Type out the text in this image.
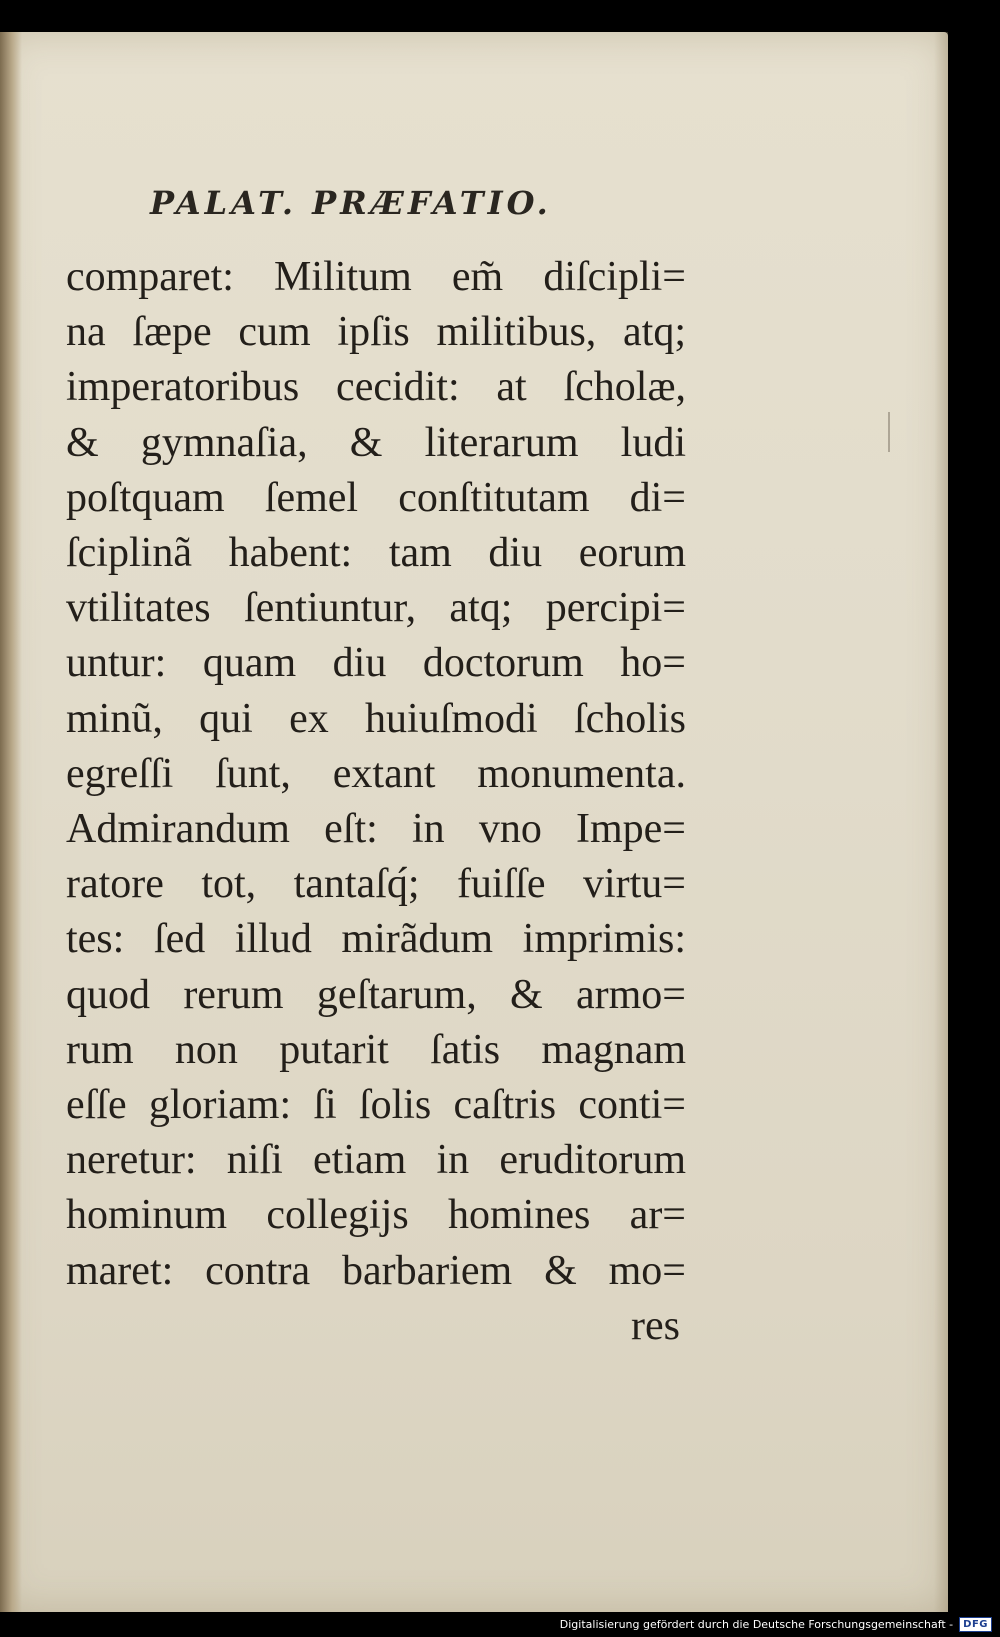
PALAT. PRÆFATIO.
comparet: Militum em̃ diſcipli=
na ſæpe cum ipſis militibus, atq;
imperatoribus cecidit: at ſcholæ,
& gymnaſia, & literarum ludi
poſtquam ſemel conſtitutam di=
ſciplinã habent: tam diu eorum
vtilitates ſentiuntur, atq; percipi=
untur: quam diu doctorum ho=
minũ, qui ex huiuſmodi ſcholis
egreſſi ſunt, extant monumenta.
Admirandum eſt: in vno Impe=
ratore tot, tantaſq́; fuiſſe virtu=
tes: ſed illud mirãdum imprimis:
quod rerum geſtarum, & armo=
rum non putarit ſatis magnam
eſſe gloriam: ſi ſolis caſtris conti=
neretur: niſi etiam in eruditorum
hominum collegijs homines ar=
maret: contra barbariem & mo=
res
Digitalisierung gefördert durch die Deutsche Forschungsgemeinschaft -	DFG
